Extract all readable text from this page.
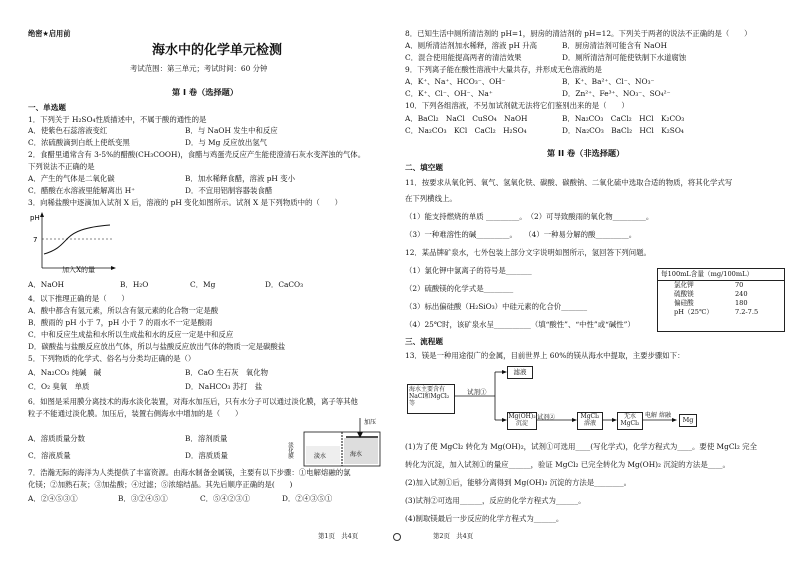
绝密★启用前
海水中的化学单元检测
考试范围：第三单元；考试时间：60 分钟
第 I 卷（选择题）
一、单选题
1．下列关于 H₂SO₄性质描述中，不属于酸的通性的是
A．使紫色石蕊溶液变红	B．与 NaOH 发生中和反应
C．浓硫酸滴到白纸上使纸变黑	D．与 Mg 反应放出氢气
2．食醋里通常含有 3-5%的醋酸(CH₃COOH)，食醋与鸡蛋壳反应产生能使澄清石灰水变浑浊的气体。
下列说法不正确的是
A．产生的气体是二氧化碳	B．加水稀释食醋，溶液 pH 变小
C．醋酸在水溶液里能解离出 H⁺	D．不宜用铝制容器装食醋
3．向稀盐酸中逐滴加入试剂 X 后，溶液的 pH 变化如图所示。试剂 X 是下列物质中的（　　）
pH
7
加入X的量
A．NaOH	B．H₂O	C．Mg	D．CaCO₃
4．以下推理正确的是（　　）
A．酸中都含有氢元素，所以含有氢元素的化合物一定是酸
B．酸雨的 pH 小于 7，pH 小于 7 的雨水不一定是酸雨
C．中和反应生成盐和水所以生成盐和水的反应一定是中和反应
D．碳酸盐与盐酸反应放出气体，所以与盐酸反应放出气体的物质一定是碳酸盐
5．下列物质的化学式、俗名与分类均正确的是（）
A．Na₂CO₃ 纯碱　碱	B．CaO 生石灰　氧化物
C．O₂ 臭氧　单质	D．NaHCO₃ 苏打　盐
6．如图是采用膜分离技术的海水淡化装置，对海水加压后，只有水分子可以通过淡化膜，离子等其他
粒子不能通过淡化膜。加压后，装置右侧海水中增加的是（　　）
加压
淡水	海水
淡化膜
A．溶质质量分数	B．溶剂质量
C．溶液质量	D．溶质质量
7．浩瀚无际的海洋为人类提供了丰富资源。由海水制备金属镁，主要有以下步骤：①电解熔融的氯
化镁；②加熟石灰；③加盐酸；④过滤；⑤浓缩结晶。其先后顺序正确的是(　　)
A．②④⑤③①	B．③②④⑤①	C．⑤④②③①	D．②④③⑤①
第1页　共4页
8．已知生活中厕所清洁剂的 pH=1，厨房的清洁剂的 pH=12。下列关于两者的说法不正确的是（　　）
A．厕所清洁剂加水稀释，溶液 pH 升高	B．厨房清洁剂可能含有 NaOH
C．混合使用能提高两者的清洁效果	D．厕所清洁剂可能使铁制下水道腐蚀
9．下列离子能在酸性溶液中大量共存，并形成无色溶液的是
A．K⁺、Na⁺、HCO₃⁻、OH⁻	B．K⁺、Ba²⁺、Cl⁻、NO₃⁻
C．K⁺、Cl⁻、OH⁻、Na⁺	D．Zn²⁺、Fe³⁺、NO₃⁻、SO₄²⁻
10．下列各组溶液，不另加试剂就无法将它们鉴别出来的是（　　）
A．BaCl₂　NaCl　CuSO₄　NaOH	B．Na₂CO₃　CaCl₂　HCl　K₂CO₃
C．Na₂CO₃　KCl　CaCl₂　H₂SO₄	D．Na₂CO₃　BaCl₂　HCl　K₂SO₄
第 II 卷（非选择题）
二、填空题
11．按要求从氧化钙、氧气、氢氧化铁、碳酸、碳酸钠、二氧化硫中选取合适的物质，将其化学式写
在下列横线上。
（1）能支持燃烧的单质 _________。　（2）可导致酸雨的氧化物_________。
（3）一种难溶性的碱_________。　　（4）一种易分解的酸_________。
12．某品牌矿泉水，七外包装上部分文字说明如图所示，氢回答下列问题。
（1）氯化钾中氯离子的符号是_______
（2）硫酸镁的化学式是________
（3）标出偏硅酸（H₂SiO₃）中硅元素的化合价_______
（4）25℃时，该矿泉水呈__________（填“酸性”、“中性”或“碱性”）
每100mL含量（mg/100mL）
氯化钾	70
硫酸镁	240
偏硅酸	180
pH（25℃）	7.2-7.5
三、流程题
13．镁是一种用途很广的金属，目前世界上 60%的镁从海水中提取，主要步骤如下：
海水主要含有NaCl和MgCl₂等
试剂①
滤液
Mg(OH)₂ 沉淀
试剂②	MgCl₂ 溶液
无水 MgCl₂
电解 熔融
Mg
(1)为了使 MgCl₂ 转化为 Mg(OH)₂，试剂①可选用____(写化学式)，化学方程式为____。要使 MgCl₂ 完全
转化为沉淀，加入试剂①的量应______，验证 MgCl₂ 已完全转化为 Mg(OH)₂ 沉淀的方法是____。
(2)加入试剂①后，能够分离得到 Mg(OH)₂ 沉淀的方法是________。
(3)试剂②可选用______，反应的化学方程式为______。
(4)制取镁最后一步反应的化学方程式为______。
第2页　共4页
